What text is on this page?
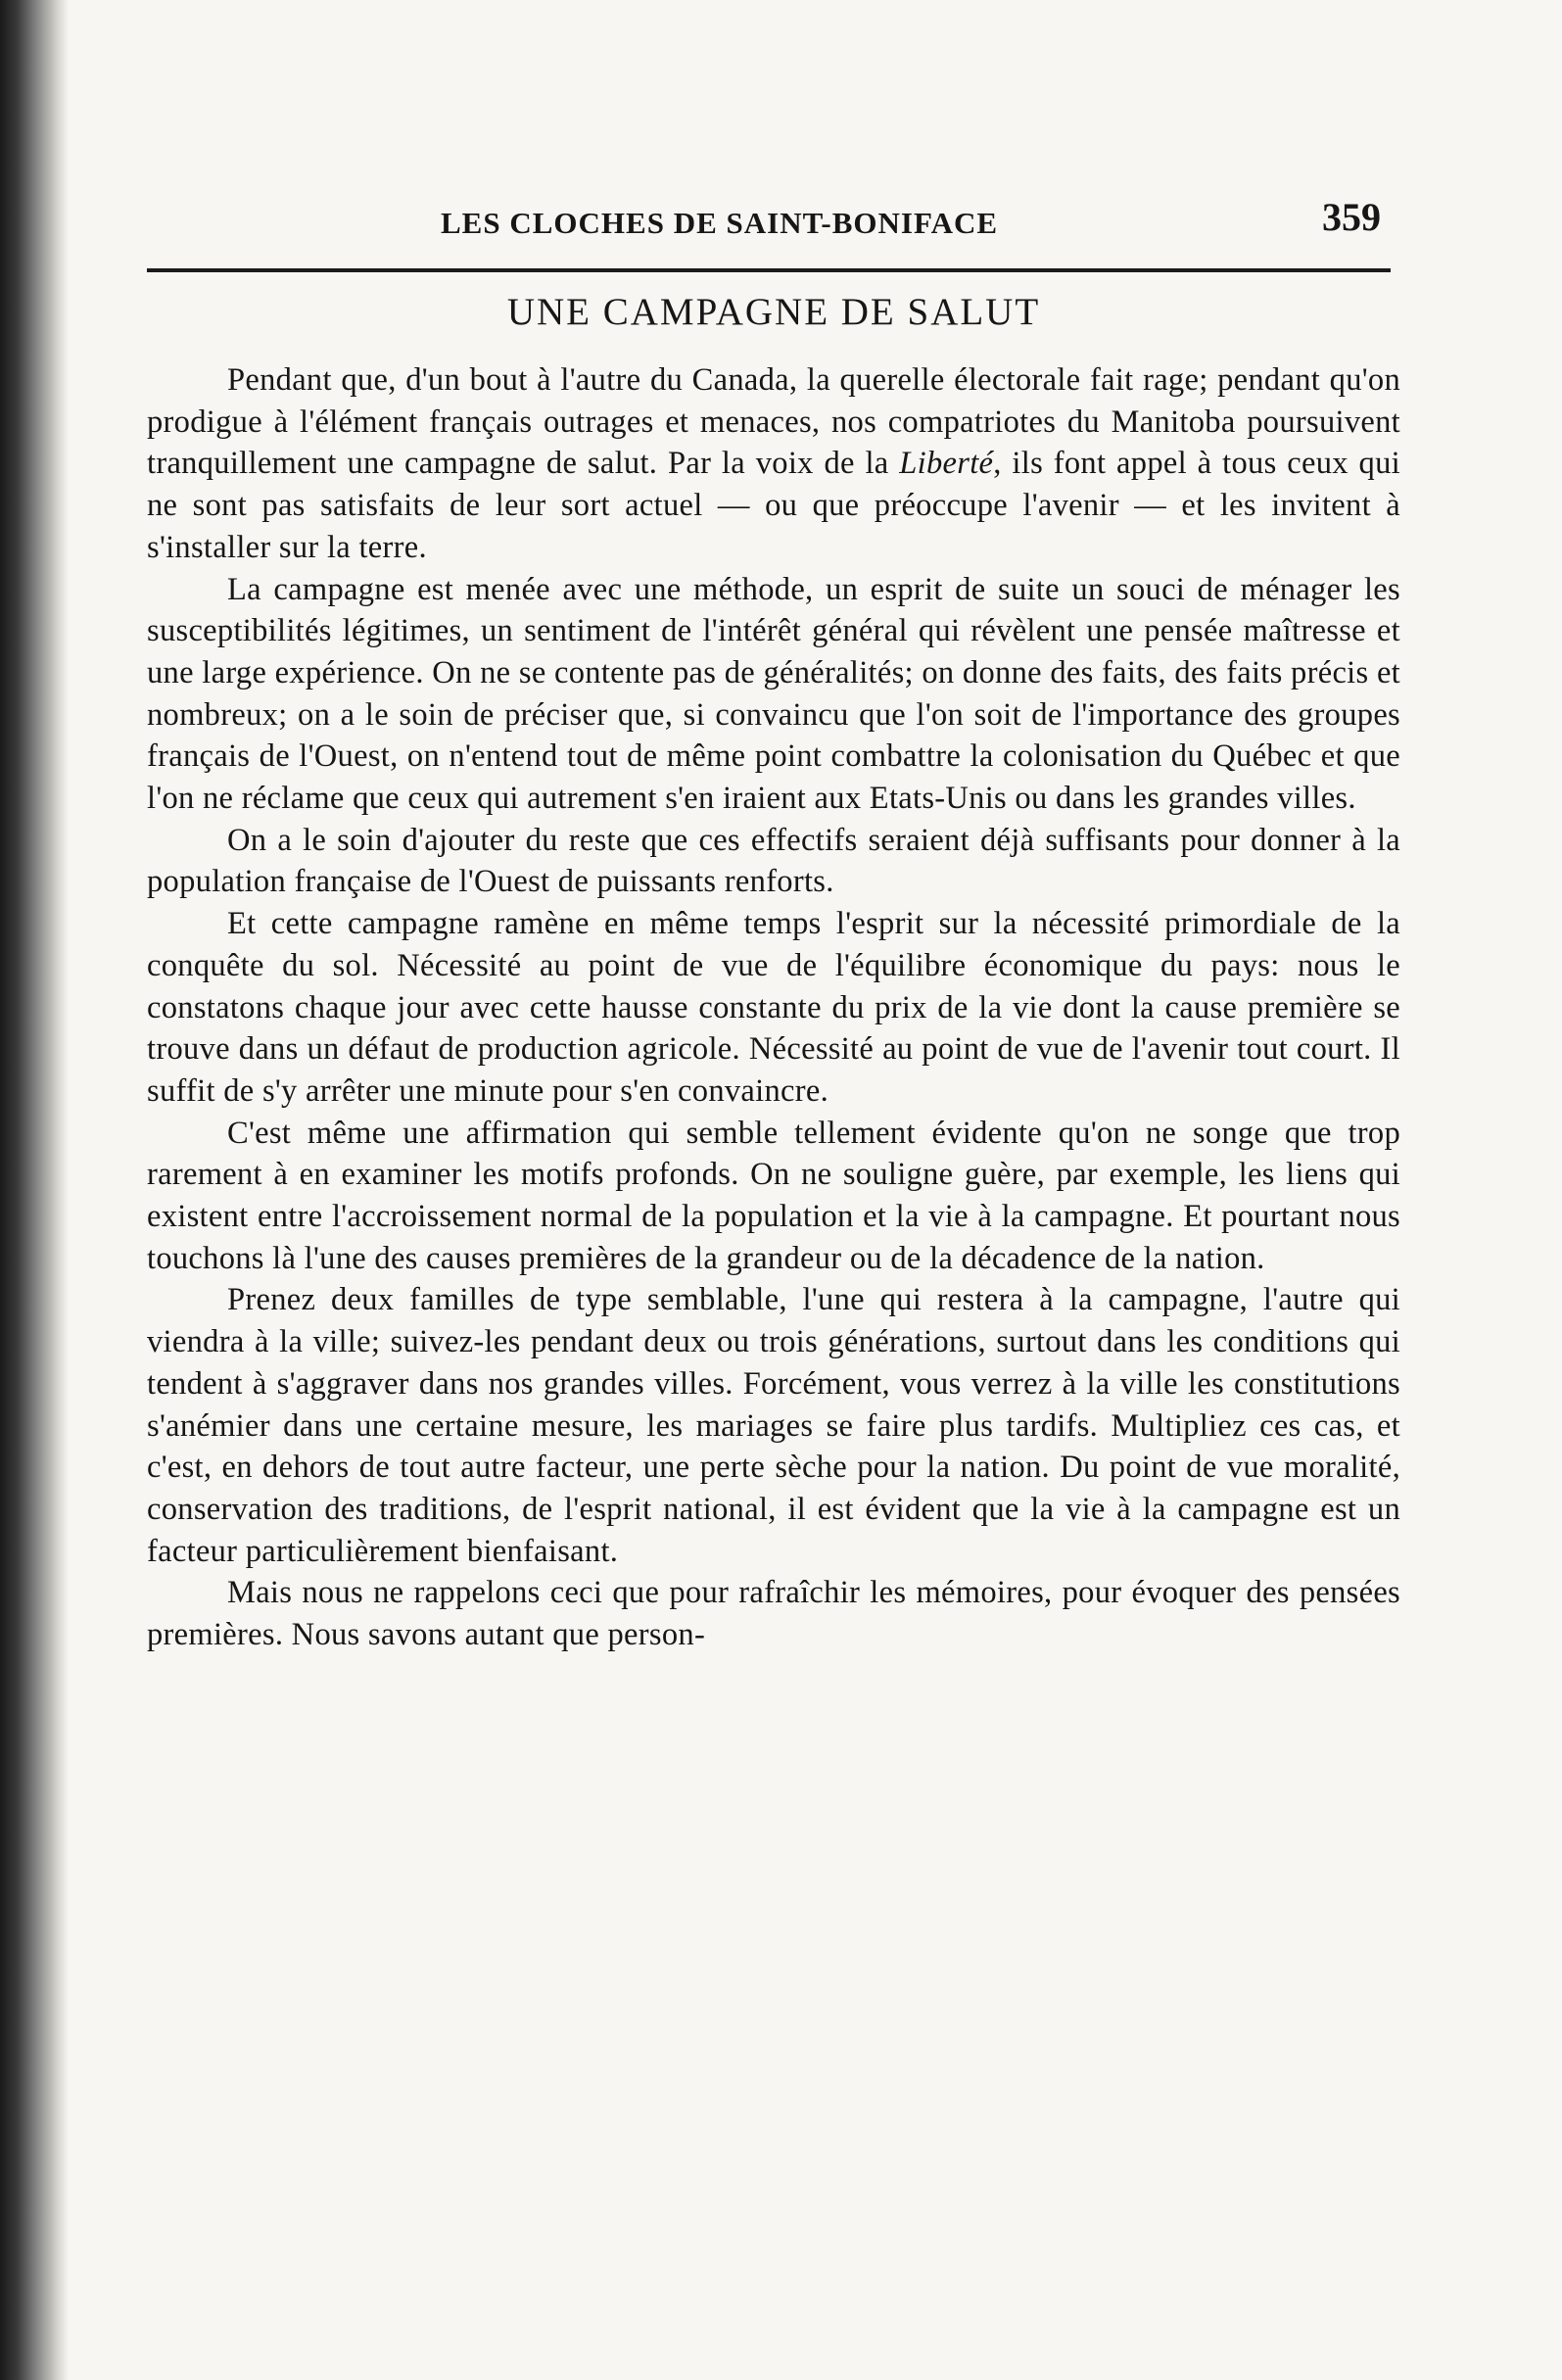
LES CLOCHES DE SAINT-BONIFACE	359
UNE CAMPAGNE DE SALUT

Pendant que, d'un bout à l'autre du Canada, la querelle électorale fait rage; pendant qu'on prodigue à l'élément français outrages et menaces, nos compatriotes du Manitoba poursuivent tranquillement une campagne de salut. Par la voix de la Liberté, ils font appel à tous ceux qui ne sont pas satisfaits de leur sort actuel — ou que préoccupe l'avenir — et les invitent à s'installer sur la terre.

La campagne est menée avec une méthode, un esprit de suite un souci de ménager les susceptibilités légitimes, un sentiment de l'intérêt général qui révèlent une pensée maîtresse et une large expérience. On ne se contente pas de généralités; on donne des faits, des faits précis et nombreux; on a le soin de préciser que, si convaincu que l'on soit de l'importance des groupes français de l'Ouest, on n'entend tout de même point combattre la colonisation du Québec et que l'on ne réclame que ceux qui autrement s'en iraient aux Etats-Unis ou dans les grandes villes.

On a le soin d'ajouter du reste que ces effectifs seraient déjà suffisants pour donner à la population française de l'Ouest de puissants renforts.

Et cette campagne ramène en même temps l'esprit sur la nécessité primordiale de la conquête du sol. Nécessité au point de vue de l'équilibre économique du pays: nous le constatons chaque jour avec cette hausse constante du prix de la vie dont la cause première se trouve dans un défaut de production agricole. Nécessité au point de vue de l'avenir tout court. Il suffit de s'y arrêter une minute pour s'en convaincre.

C'est même une affirmation qui semble tellement évidente qu'on ne songe que trop rarement à en examiner les motifs profonds. On ne souligne guère, par exemple, les liens qui existent entre l'accroissement normal de la population et la vie à la campagne. Et pourtant nous touchons là l'une des causes premières de la grandeur ou de la décadence de la nation.

Prenez deux familles de type semblable, l'une qui restera à la campagne, l'autre qui viendra à la ville; suivez-les pendant deux ou trois générations, surtout dans les conditions qui tendent à s'aggraver dans nos grandes villes. Forcément, vous verrez à la ville les constitutions s'anémier dans une certaine mesure, les mariages se faire plus tardifs. Multipliez ces cas, et c'est, en dehors de tout autre facteur, une perte sèche pour la nation. Du point de vue moralité, conservation des traditions, de l'esprit national, il est évident que la vie à la campagne est un facteur particulièrement bienfaisant.

Mais nous ne rappelons ceci que pour rafraîchir les mémoires, pour évoquer des pensées premières. Nous savons autant que person-
